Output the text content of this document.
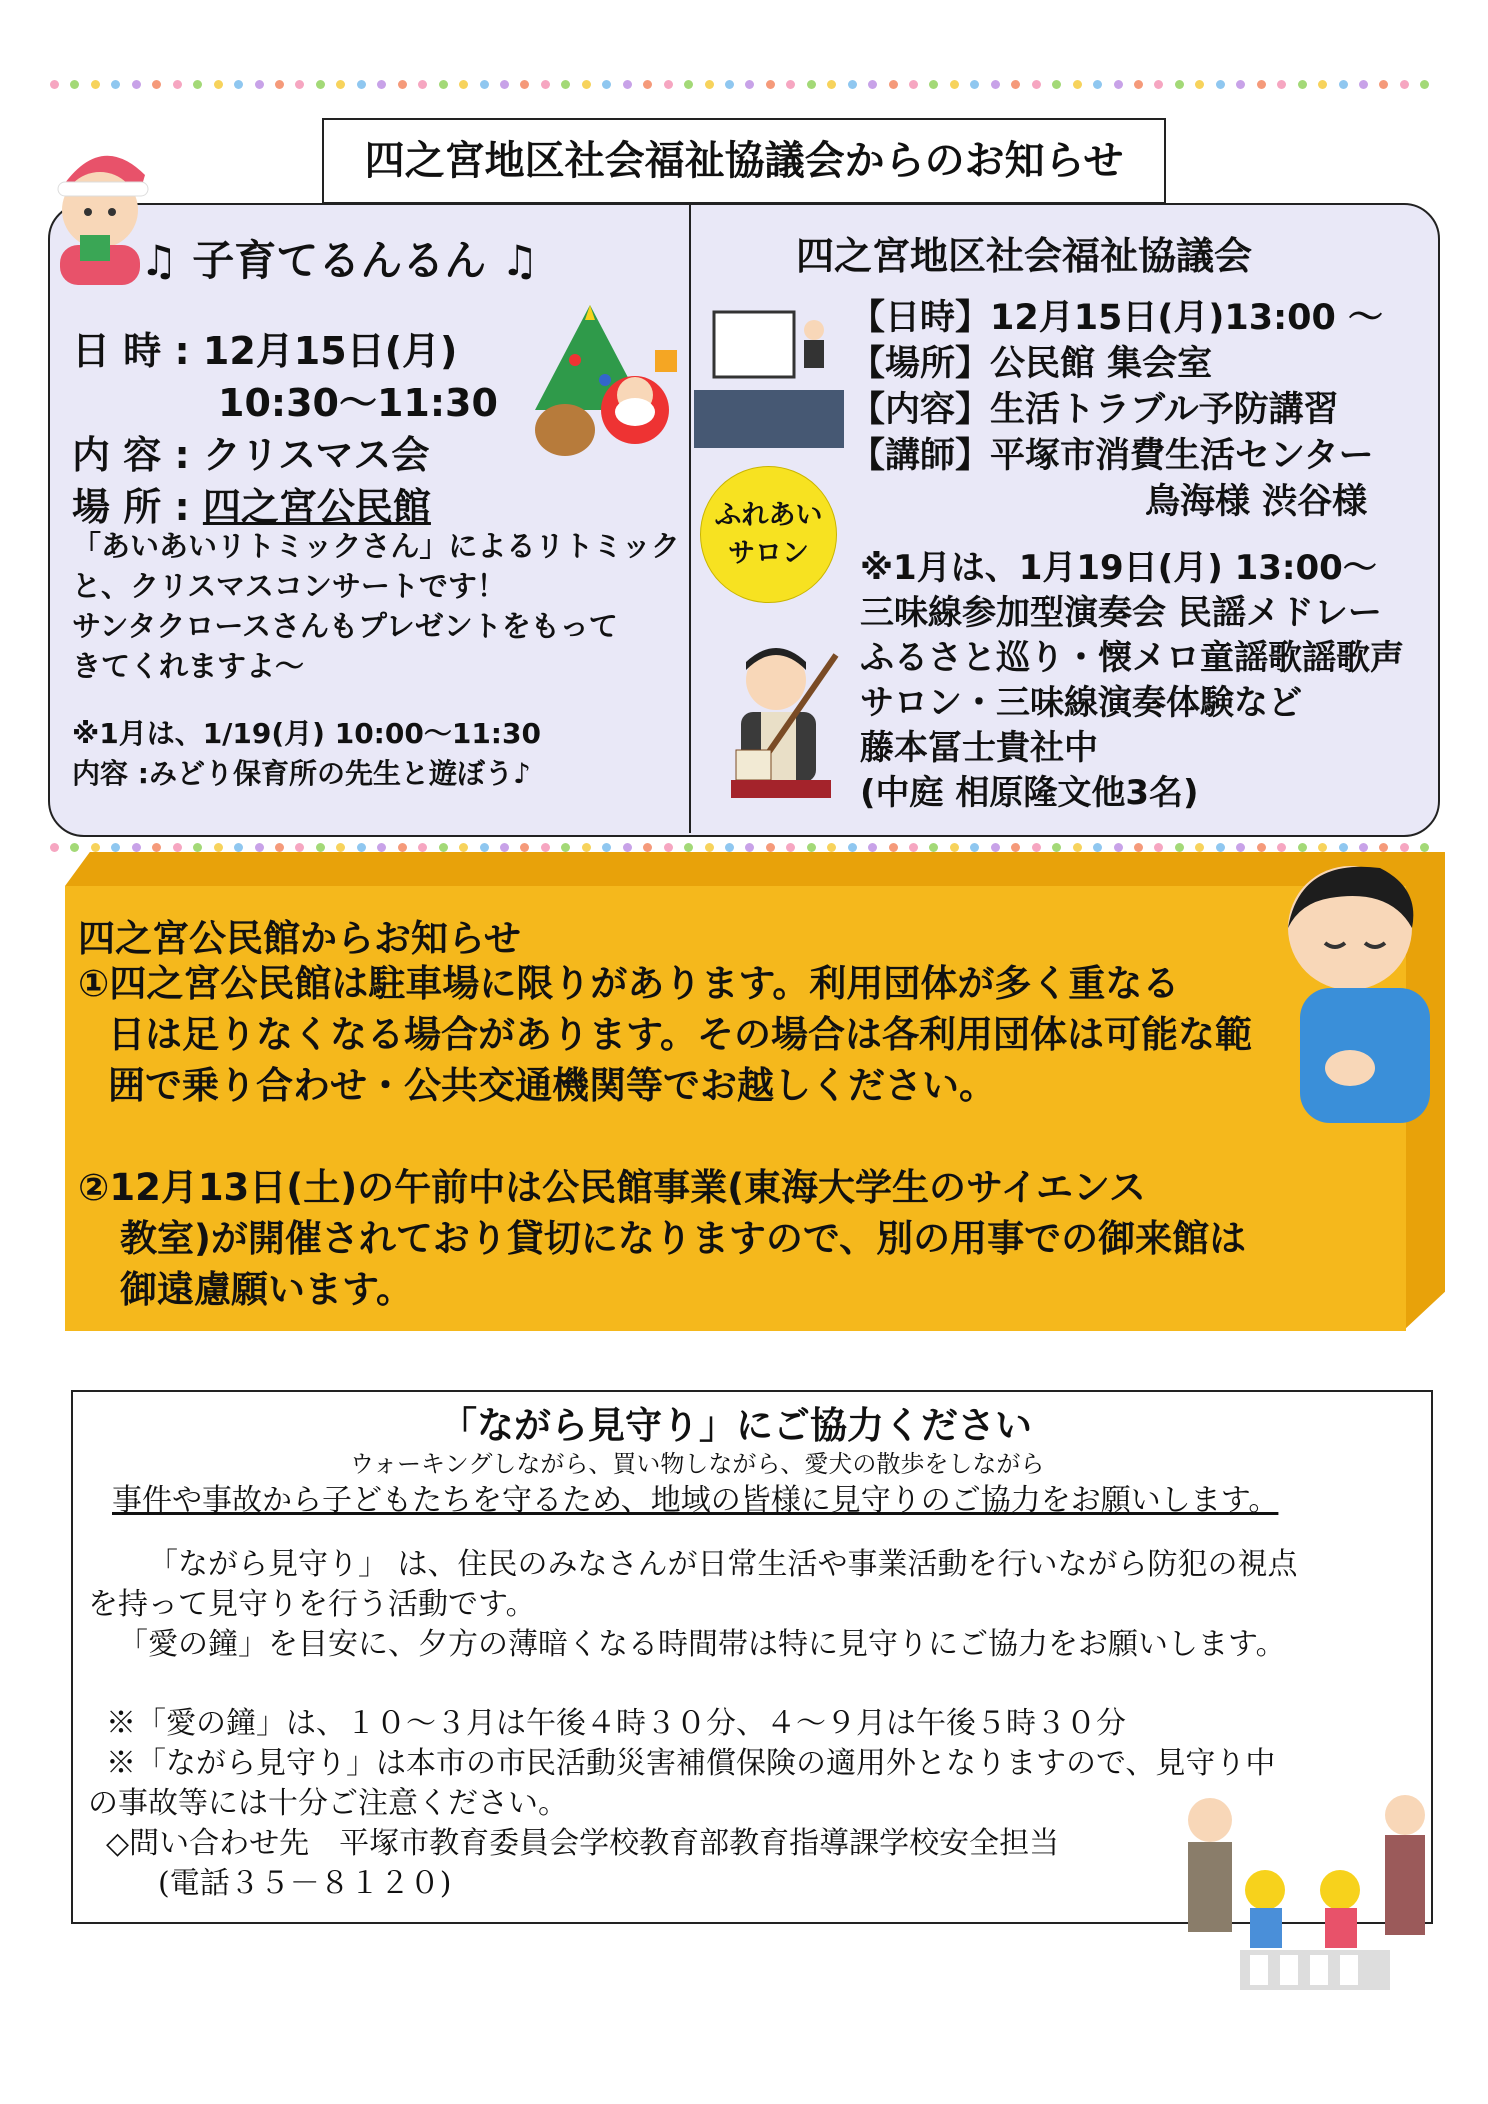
四之宮地区社会福祉協議会からのお知らせ
♫ 子育てるんるん ♫
日 時 : 12月15日(月)
10:30〜11:30
内 容 : クリスマス会
場 所 : 四之宮公民館
「あいあいリトミックさん」によるリトミック
と、クリスマスコンサートです！
サンタクロースさんもプレゼントをもって
きてくれますよ〜
※1月は、1/19(月) 10:00〜11:30
内容 :みどり保育所の先生と遊ぼう♪
四之宮地区社会福祉協議会
【日時】12月15日(月)13:00 〜
【場所】公民館 集会室
【内容】生活トラブル予防講習
【講師】平塚市消費生活センター
鳥海様 渋谷様
ふれあい
サロン	※1月は、1月19日(月) 13:00〜
三味線参加型演奏会 民謡メドレー
ふるさと巡り・懐メロ童謡歌謡歌声
サロン・三味線演奏体験など
藤本冨士貴社中
(中庭 相原隆文他3名)
四之宮公民館からお知らせ
①四之宮公民館は駐車場に限りがあります。利用団体が多く重なる
日は足りなくなる場合があります。その場合は各利用団体は可能な範
囲で乗り合わせ・公共交通機関等でお越しください。
②12月13日(土)の午前中は公民館事業(東海大学生のサイエンス
教室)が開催されており貸切になりますので、別の用事での御来館は
御遠慮願います。
「ながら見守り」にご協力ください
ウォーキングしながら、買い物しながら、愛犬の散歩をしながら
事件や事故から子どもたちを守るため、地域の皆様に見守りのご協力をお願いします。
「ながら見守り」 は、住民のみなさんが日常生活や事業活動を行いながら防犯の視点
を持って見守りを行う活動です。
「愛の鐘」を目安に、夕方の薄暗くなる時間帯は特に見守りにご協力をお願いします。
※「愛の鐘」は、１０〜３月は午後４時３０分、４〜９月は午後５時３０分
※「ながら見守り」は本市の市民活動災害補償保険の適用外となりますので、見守り中
の事故等には十分ご注意ください。
◇問い合わせ先　平塚市教育委員会学校教育部教育指導課学校安全担当
(電話３５－８１２０)
